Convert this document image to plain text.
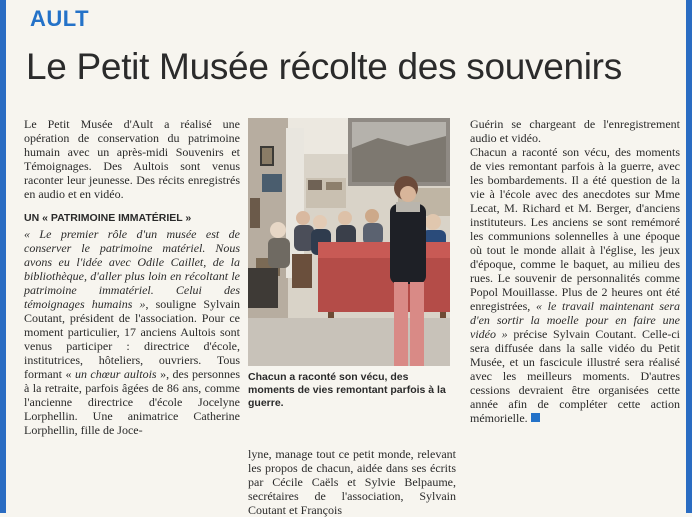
AULT
Le Petit Musée récolte des souvenirs

Le Petit Musée d'Ault a réalisé une opération de conservation du patrimoine humain avec un après-midi Souvenirs et Témoignages. Des Aultois sont venus raconter leur jeunesse. Des récits enregistrés en audio et en vidéo.

UN « PATRIMOINE IMMATÉRIEL »

« Le premier rôle d'un musée est de conserver le patrimoine matériel. Nous avons eu l'idée avec Odile Caillet, de la bibliothèque, d'aller plus loin en récoltant le patrimoine immatériel. Celui des témoignages humains », souligne Sylvain Coutant, président de l'association. Pour ce moment particulier, 17 anciens Aultois sont venus participer : directrice d'école, institutrices, hôteliers, ouvriers. Tous formant « un chœur aultois », des personnes à la retraite, parfois âgées de 86 ans, comme l'ancienne directrice d'école Jocelyne Lorphellin. Une animatrice Catherine Lorphellin, fille de Joce-

Chacun a raconté son vécu, des moments de vies remontant parfois à la guerre.

lyne, manage tout ce petit monde, relevant les propos de chacun, aidée dans ses écrits par Cécile Caëls et Sylvie Belpaume, secrétaires de l'association, Sylvain Coutant et François

Guérin se chargeant de l'enregistrement audio et vidéo.

Chacun a raconté son vécu, des moments de vies remontant parfois à la guerre, avec les bombardements. Il a été question de la vie à l'école avec des anecdotes sur Mme Lecat, M. Richard et M. Berger, d'anciens instituteurs. Les anciens se sont remémoré les communions solennelles à une époque où tout le monde allait à l'église, les jeux d'époque, comme le baquet, au milieu des rues. Le souvenir de personnalités comme Popol Mouillasse. Plus de 2 heures ont été enregistrées, « le travail maintenant sera d'en sortir la moelle pour en faire une vidéo » précise Sylvain Coutant. Celle-ci sera diffusée dans la salle vidéo du Petit Musée, et un fascicule illustré sera réalisé avec les meilleurs moments. D'autres cessions devraient être organisées cette année afin de compléter cette action mémorielle.
